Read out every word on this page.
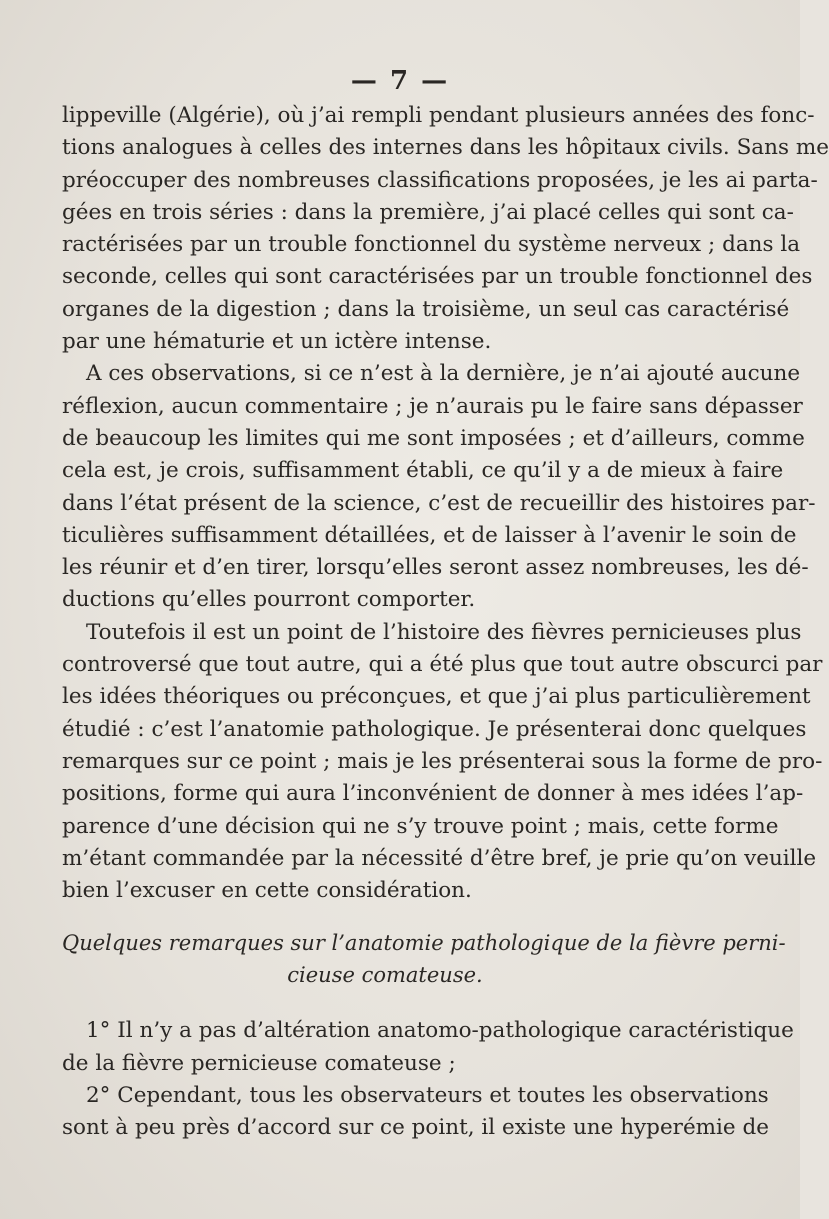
— 7 —
lippeville (Algérie), où j’ai rempli pendant plusieurs années des fonc-
tions analogues à celles des internes dans les hôpitaux civils. Sans me
préoccuper des nombreuses classifications proposées, je les ai parta-
gées en trois séries : dans la première, j’ai placé celles qui sont ca-
ractérisées par un trouble fonctionnel du système nerveux ; dans la
seconde, celles qui sont caractérisées par un trouble fonctionnel des
organes de la digestion ; dans la troisième, un seul cas caractérisé
par une hématurie et un ictère intense.
A ces observations, si ce n’est à la dernière, je n’ai ajouté aucune
réflexion, aucun commentaire ; je n’aurais pu le faire sans dépasser
de beaucoup les limites qui me sont imposées ; et d’ailleurs, comme
cela est, je crois, suffisamment établi, ce qu’il y a de mieux à faire
dans l’état présent de la science, c’est de recueillir des histoires par-
ticulières suffisamment détaillées, et de laisser à l’avenir le soin de
les réunir et d’en tirer, lorsqu’elles seront assez nombreuses, les dé-
ductions qu’elles pourront comporter.
Toutefois il est un point de l’histoire des fièvres pernicieuses plus
controversé que tout autre, qui a été plus que tout autre obscurci par
les idées théoriques ou préconçues, et que j’ai plus particulièrement
étudié : c’est l’anatomie pathologique. Je présenterai donc quelques
remarques sur ce point ; mais je les présenterai sous la forme de pro-
positions, forme qui aura l’inconvénient de donner à mes idées l’ap-
parence d’une décision qui ne s’y trouve point ; mais, cette forme
m’étant commandée par la nécessité d’être bref, je prie qu’on veuille
bien l’excuser en cette considération.
Quelques remarques sur l’anatomie pathologique de la fièvre perni-
cieuse comateuse.
1° Il n’y a pas d’altération anatomo-pathologique caractéristique
de la fièvre pernicieuse comateuse ;
2° Cependant, tous les observateurs et toutes les observations
sont à peu près d’accord sur ce point, il existe une hyperémie de
